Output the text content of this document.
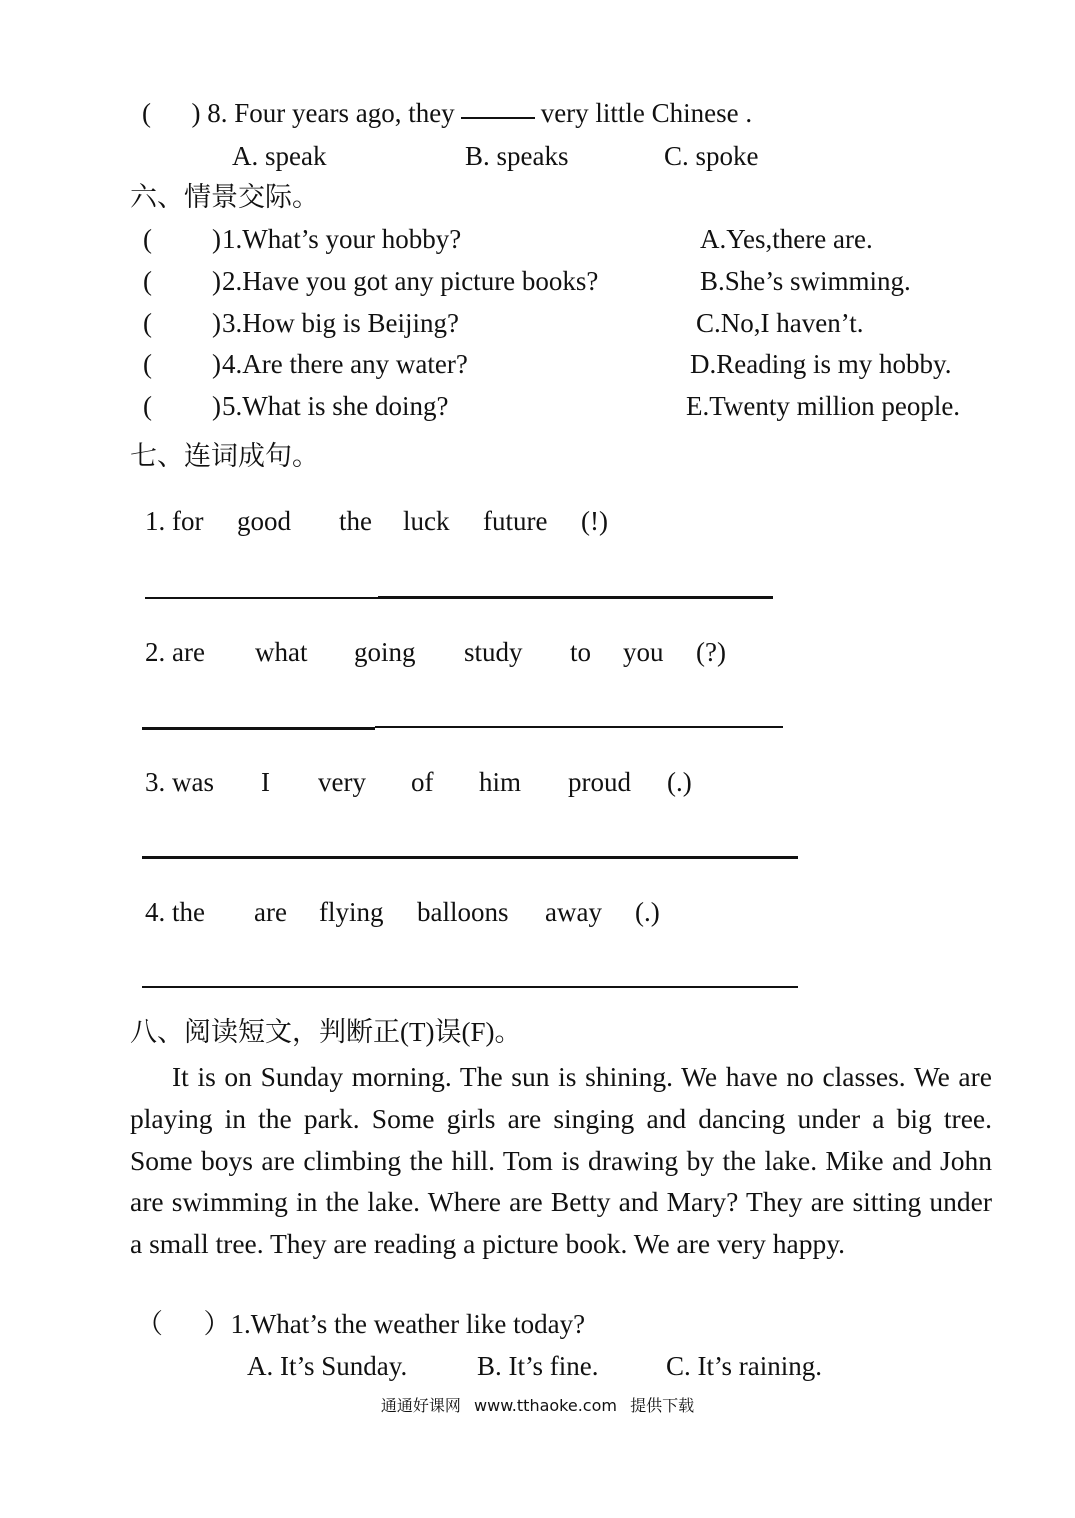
(      ) 8. Four years ago, they	very little Chinese .
A. speak	B. speaks	C. spoke
六、情景交际。
( ) 1.What’s your hobby?	A.Yes,there are.
( ) 2.Have you got any picture books?	B.She’s swimming.
( ) 3.How big is Beijing?	C.No,I haven’t.
( ) 4.Are there any water?	D.Reading is my hobby.
( ) 5.What is she doing?	E.Twenty million people.
七、连词成句。
1. for good the luck future (!)
2. are what going study to you (?)
3. was I very of him proud (.)
4. the are flying balloons away (.)
八、阅读短文，判断正(T)误(F)。
It is on Sunday morning. The sun is shining. We have no classes. We are playing in the park. Some girls are singing and dancing under a big tree. Some boys are climbing the hill. Tom is drawing by the lake. Mike and John are swimming in the lake. Where are Betty and Mary? They are sitting under a small tree. They are reading a picture book. We are very happy.
（      ）1.What’s the weather like today?
A. It’s Sunday.	B. It’s fine.	C. It’s raining.
通通好课网 www.tthaoke.com 提供下载
